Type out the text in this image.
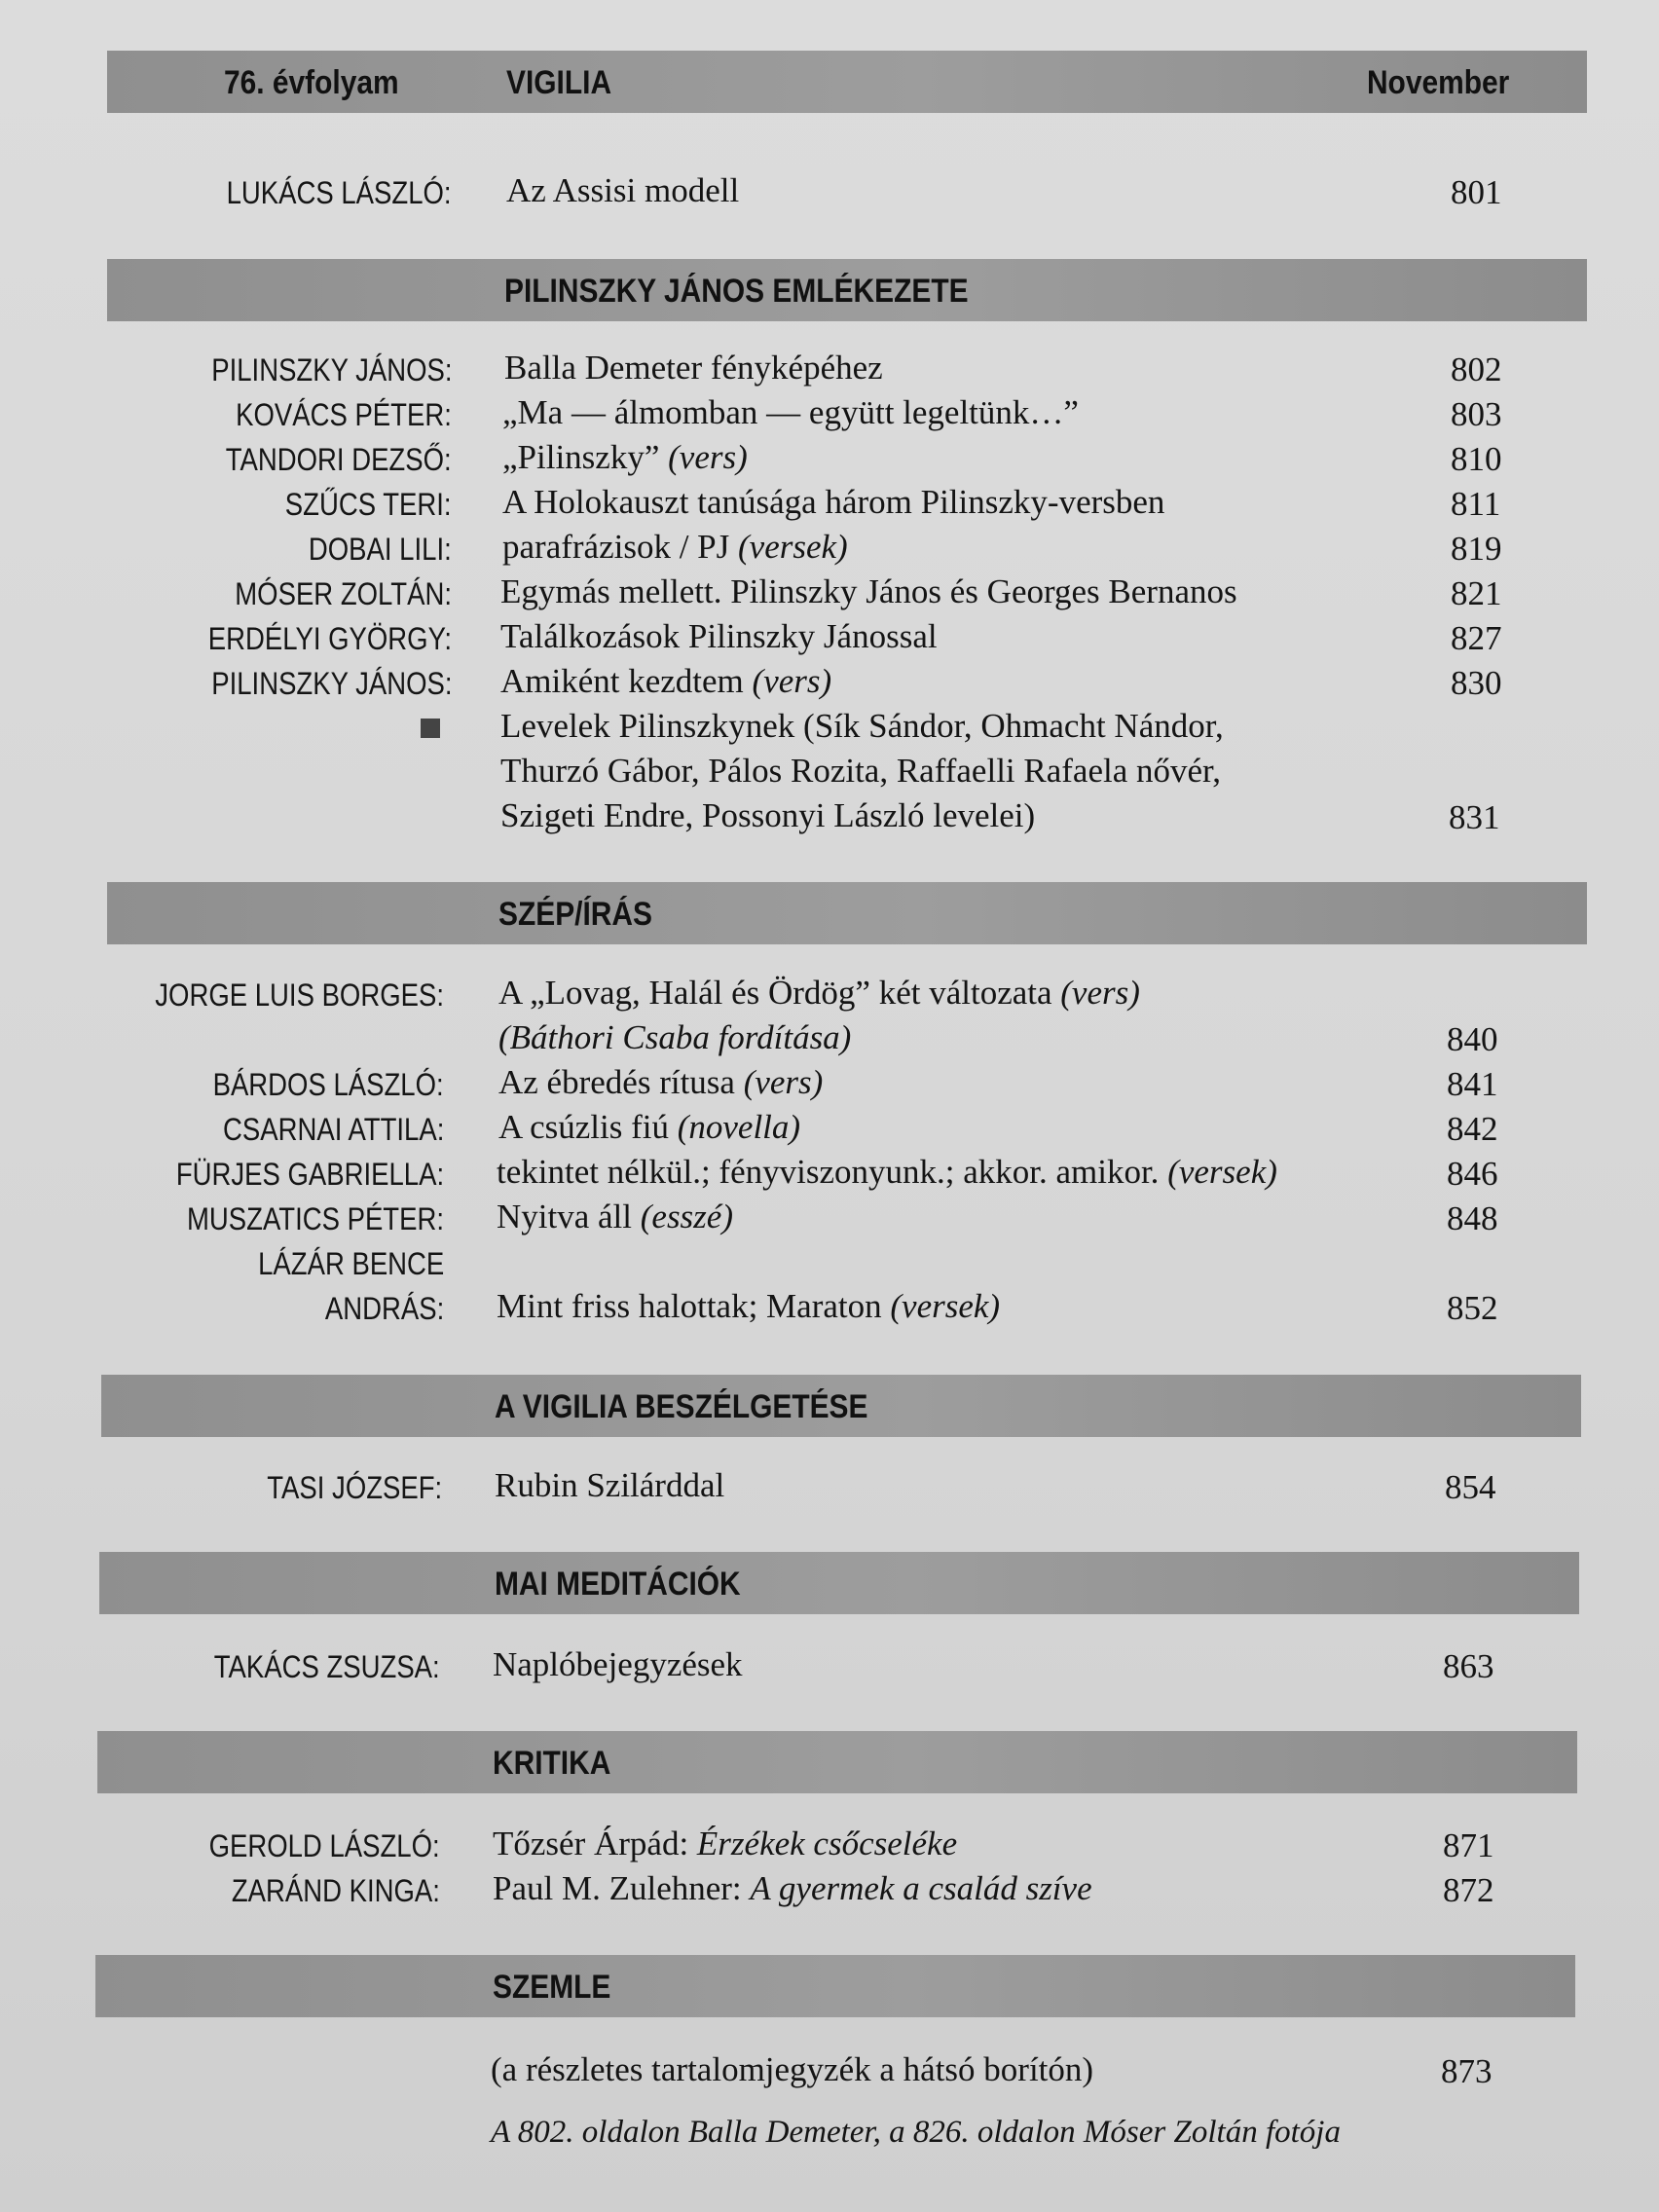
76. évfolyam	VIGILIA	November
LUKÁCS LÁSZLÓ: Az Assisi modell	801
PILINSZKY JÁNOS EMLÉKEZETE
PILINSZKY JÁNOS: Balla Demeter fényképéhez	802
KOVÁCS PÉTER: „Ma — álmomban — együtt legeltünk…”	803
TANDORI DEZSŐ: „Pilinszky” (vers)	810
SZŰCS TERI: A Holokauszt tanúsága három Pilinszky-versben	811
DOBAI LILI: parafrázisok / PJ (versek)	819
MÓSER ZOLTÁN: Egymás mellett. Pilinszky János és Georges Bernanos	821
ERDÉLYI GYÖRGY: Találkozások Pilinszky Jánossal	827
PILINSZKY JÁNOS: Amiként kezdtem (vers)	830
Levelek Pilinszkynek (Sík Sándor, Ohmacht Nándor,
Thurzó Gábor, Pálos Rozita, Raffaelli Rafaela nővér,
Szigeti Endre, Possonyi László levelei)	831
SZÉP/ÍRÁS
JORGE LUIS BORGES: A „Lovag, Halál és Ördög” két változata (vers)
(Báthori Csaba fordítása)	840
BÁRDOS LÁSZLÓ: Az ébredés rítusa (vers)	841
CSARNAI ATTILA: A csúzlis fiú (novella)	842
FÜRJES GABRIELLA: tekintet nélkül.; fényviszonyunk.; akkor. amikor. (versek)	846
MUSZATICS PÉTER: Nyitva áll (esszé)	848
LÁZÁR BENCE
ANDRÁS: Mint friss halottak; Maraton (versek)	852
A VIGILIA BESZÉLGETÉSE
TASI JÓZSEF: Rubin Szilárddal	854
MAI MEDITÁCIÓK
TAKÁCS ZSUZSA: Naplóbejegyzések	863
KRITIKA
GEROLD LÁSZLÓ: Tőzsér Árpád: Érzékek csőcseléke	871
ZARÁND KINGA: Paul M. Zulehner: A gyermek a család szíve	872
SZEMLE
(a részletes tartalomjegyzék a hátsó borítón)	873
A 802. oldalon Balla Demeter, a 826. oldalon Móser Zoltán fotója
